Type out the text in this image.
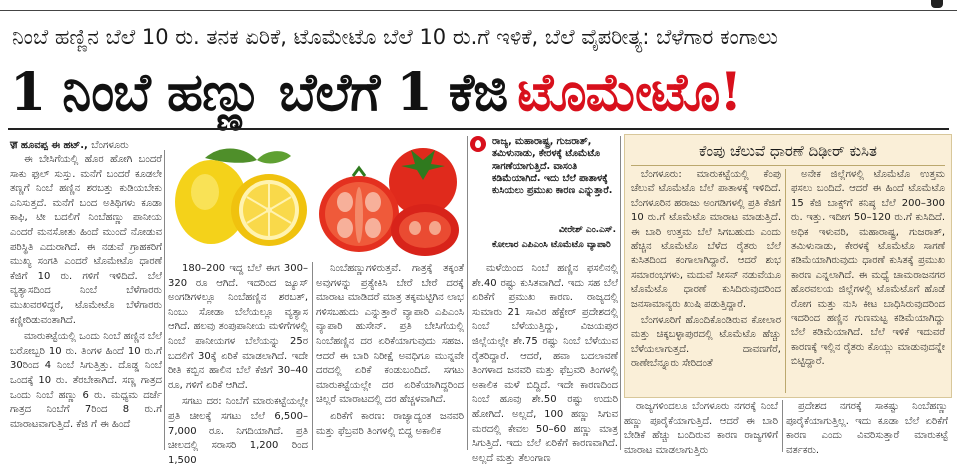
ನಿಂಬೆ ಹಣ್ಣಿನ ಬೆಲೆ 10 ರು. ತನಕ ಏರಿಕೆ, ಟೊಮೇಟೊ ಬೆಲೆ 10 ರು.ಗೆ ಇಳಿಕೆ, ಬೆಲೆ ವೈಪರೀತ್ಯ: ಬೆಳೆಗಾರ ಕಂಗಾಲು
1 ನಿಂಬೆ ಹಣ್ಣು ಬೆಲೆಗೆ 1 ಕೆಜಿ ಟೊಮೇಟೊ!
ॹ ಹೂವಪ್ಪ ಈ ಹಟ್., ಬೆಂಗಳೂರು

ಈ ಬೇಸಿಗೆಯಲ್ಲಿ ಹೊರ ಹೋಗಿ ಬಂದರೆ ಸಾಕು ಫುಲ್ ಸುಸ್ತು. ಮನೆಗೆ ಬಂದರೆ ಕೂಡಲೇ ತಣ್ಣಗೆ ನಿಂಬೆ ಹಣ್ಣಿನ ಶರಬತ್ತು ಕುಡಿಯಬೇಕು ಎನಿಸುತ್ತದೆ. ಮನೆಗೆ ಬಂದ ಅತಿಥಿಗಳು ಕೂಡಾ ಕಾಫಿ, ಟೀ ಬದಲಿಗೆ ನಿಂಬೆಹಣ್ಣು ಪಾನೀಯ ಎಂದರೆ ಮನಸೋತು ಹಿಂದೆ ಮುಂದೆ ನೋಡುವ ಪರಿಸ್ಥಿತಿ ಎದುರಾಗಿದೆ. ಈ ನಡುವೆ ಗ್ರಾಹಕರಿಗೆ ಮುಖ್ಯ ಸಂಗತಿ ಎಂದರೆ ಟೊಮೇಟೊ ಧಾರಣೆ ಕೆಜಿಗೆ 10 ರು. ಗಳಿಗೆ ಇಳಿದಿದೆ. ಬೆಲೆ ವ್ಯತ್ಯಾಸದಿಂದ ನಿಂಬೆ ಬೆಳೆಗಾರರು ಮುಖವರಳಿದ್ದರೆ, ಟೊಮೇಟೊ ಬೆಳೆಗಾರರು ಕಣ್ಣೀರಿಡುವಂತಾಗಿದೆ.

ಮಾರುಕಟ್ಟೆಯಲ್ಲಿ ಒಂದು ನಿಂಬೆ ಹಣ್ಣಿನ ಬೆಲೆ ಬರೋಬ್ಬರಿ 10 ರು. ತಿಂಗಳ ಹಿಂದೆ 10 ರು.ಗೆ 30ರಿಂದ 4 ನಿಂಬೆ ಸಿಗುತ್ತಿತ್ತು. ದೊಡ್ಡ ನಿಂಬೆ ಒಂದಕ್ಕೆ 10 ರು. ತೆರಬೇಕಾಗಿದೆ. ಸಣ್ಣ ಗಾತ್ರದ ಒಂದು ನಿಂಬೆ ಹಣ್ಣು 6 ರು. ಮಧ್ಯಮ ದರ್ಜೆ ಗಾತ್ರದ ನಿಂಬೆಗೆ 7ರಿಂದ 8 ರು.ಗೆ ಮಾರಾಟವಾಗುತ್ತಿದೆ. ಕೆಜಿ ಗೆ ಈ ಹಿಂದೆ

180–200 ಇದ್ದ ಬೆಲೆ ಈಗ 300–320 ರೂ ಆಗಿದೆ. ಇದರಿಂದ ಜ್ಯೂಸ್ ಅಂಗಡಿಗಳಲ್ಲೂ ನಿಂಬೆಹಣ್ಣಿನ ಶರಬತ್, ನಿಂಬು ಸೋಡಾ ಬೆಲೆಯಲ್ಲೂ ವ್ಯತ್ಯಾಸ ಆಗಿದೆ. ಹಲವು ತಂಪುಪಾನೀಯ ಮಳಿಗೆಗಳಲ್ಲಿ ನಿಂಬೆ ಪಾನೀಯಗಳ ಬೆಲೆಯನ್ನು 25ರ ಬದಲಿಗೆ 30ಕ್ಕೆ ಏರಿಕೆ ಮಾಡಲಾಗಿದೆ. ಇದೇ ರೀತಿ ಕಬ್ಬಿನ ಹಾಲಿನ ಬೆಲೆ ಕೆಜಿಗೆ 30–40 ರೂ, ಗಳಿಗೆ ಏರಿಕೆ ಆಗಿದೆ.

ಸಗಟು ದರ: ನಿಂಬೆಗೆ ಮಾರುಕಟ್ಟೆಯಲ್ಲೇ ಪ್ರತಿ ಚೀಲಕ್ಕೆ ಸಗಟು ಬೆಲೆ 6,500–7,000 ರೂ. ನಿಗದಿಯಾಗಿದೆ. ಪ್ರತಿ ಚೀಲದಲ್ಲಿ ಸರಾಸರಿ 1,200 ರಿಂದ 1,500

ನಿಂಬೆಹಣ್ಣುಗಳಿರುತ್ತವೆ. ಗಾತ್ರಕ್ಕೆ ತಕ್ಕಂತೆ ಅವುಗಳನ್ನು ಪ್ರತ್ಯೇಕಿಸಿ ಬೇರೆ ಬೇರೆ ದರಕ್ಕೆ ಮಾರಾಟ ಮಾಡಿದರೆ ಮಾತ್ರ ತಕ್ಕಮಟ್ಟಿಗಿನ ಲಾಭ ಗಳಿಸಬಹುದು ಎನ್ನುತ್ತಾರೆ ವ್ಯಾಪಾರಿ ಎಪಿಎಂಸಿ ವ್ಯಾಪಾರಿ ಹುಸೇನ್. ಪ್ರತಿ ಬೇಸಿಗೆಯಲ್ಲಿ ನಿಂಬೆಹಣ್ಣಿನ ದರ ಏರಿಕೆಯಾಗುವುದು ಸಹಜ. ಆದರೆ ಈ ಬಾರಿ ನಿರೀಕ್ಷೆ ಅವಧಿಗೂ ಮುನ್ನವೇ ದರದಲ್ಲಿ ಏರಿಕೆ ಕಂಡುಬಂದಿದೆ. ಸಗಟು ಮಾರುಕಟ್ಟೆಯಲ್ಲೇ ದರ ಏರಿಕೆಯಾಗಿದ್ದರಿಂದ ಚಿಲ್ಲರೆ ಮಾರಾಟದಲ್ಲಿ ದರ ಹೆಚ್ಚಳವಾಗಿದೆ.

ಏರಿಕೆಗೆ ಕಾರಣ: ರಾಜ್ಯಾದ್ಯಂತ ಜನವರಿ ಮತ್ತು ಫೆಬ್ರವರಿ ತಿಂಗಳಲ್ಲಿ ಬಿದ್ದ ಅಕಾಲಿಕ

ರಾಜ್ಯ, ಮಹಾರಾಷ್ಟ್ರ, ಗುಜರಾತ್, ತಮಿಳುನಾಡು, ಕೇರಳಕ್ಕೆ ಟೊಮೆಟೊ ಸಾಗಣೆಯಾಗುತ್ತಿದೆ. ವಾಸಂತಿ ಕಡಿಮೆಯಾಗಿದೆ. ಇದು ಬೆಲೆ ಪಾತಾಳಕ್ಕೆ ಕುಸಿಯಲು ಪ್ರಮುಖ ಕಾರಣ ಎನ್ನುತ್ತಾರೆ.
ವೀರೇಶ್ ಎಂ.ಎಸ್.
ಕೋಲಾರ ಎಪಿಎಂಸಿ ಟೊಮೆಟೊ ವ್ಯಾಪಾರಿ

ಮಳೆಯಿಂದ ನಿಂಬೆ ಹಣ್ಣಿನ ಫಸಲಿನಲ್ಲಿ ಶೇ.40 ರಷ್ಟು ಕುಸಿತವಾಗಿದೆ. ಇದು ಸಹ ಬೆಲೆ ಏರಿಕೆಗೆ ಪ್ರಮುಖ ಕಾರಣ. ರಾಜ್ಯದಲ್ಲಿ ಸುಮಾರು 21 ಸಾವಿರ ಹೆಕ್ಟೇರ್ ಪ್ರದೇಶದಲ್ಲಿ ನಿಂಬೆ ಬೆಳೆಯುತ್ತಿದ್ದು, ವಿಜಯಪುರ ಜಿಲ್ಲೆಯಲ್ಲೇ ಶೇ.75 ರಷ್ಟು ನಿಂಬೆ ಬೆಳೆಯುವ ರೈತರಿದ್ದಾರೆ. ಆದರೆ, ಹವಾ ಬದಲಾವಣೆ ತಿಂಗಳಾದ ಜನವರಿ ಮತ್ತು ಫೆಬ್ರವರಿ ತಿಂಗಳಲ್ಲಿ ಅಕಾಲಿಕ ಮಳೆ ಬಿದ್ದಿದೆ. ಇದೇ ಕಾರಣದಿಂದ ನಿಂಬೆ ಹೂವು ಶೇ.50 ರಷ್ಟು ಉದುರಿ ಹೋಗಿದೆ. ಅಲ್ಲದೆ, 100 ಹಣ್ಣು ಸಿಗುವ ಮರದಲ್ಲಿ ಕೇವಲ 50–60 ಹಣ್ಣು ಮಾತ್ರ ಸಿಗುತ್ತಿದೆ. ಇದು ಬೆಲೆ ಏರಿಕೆಗೆ ಕಾರಣವಾಗಿದೆ. ಅಲ್ಲದೆ ಮತ್ತು ತೆಲಂಗಾಣ

ಕೆಂಪು ಚೆಲುವೆ ಧಾರಣೆ ದಿಢೀರ್ ಕುಸಿತ

ಬೆಂಗಳೂರು: ಮಾರುಕಟ್ಟೆಯಲ್ಲಿ ಕೆಂಪು ಚೆಲುವೆ ಟೊಮೆಟೊ ಬೆಲೆ ಪಾತಾಳಕ್ಕೆ ಇಳಿದಿದೆ. ಬೆಂಗಳೂರಿನ ಹರಾಜು ಅಂಗಡಿಗಳಲ್ಲಿ ಪ್ರತಿ ಕೆಜಿಗೆ 10 ರು.ಗೆ ಟೊಮೆಟೊ ಮಾರಾಟ ಮಾಡುತ್ತಿದೆ. ಈ ಬಾರಿ ಉತ್ತಮ ಬೆಲೆ ಸಿಗಬಹುದು ಎಂದು ಹೆಚ್ಚಿನ ಟೊಮೆಟೊ ಬೆಳೆದ ರೈತರು ಬೆಲೆ ಕುಸಿತದಿಂದ ಕಂಗಾಲಾಗಿದ್ದಾರೆ. ಆದರೆ ಶುಭ ಸಮಾರಂಭಗಳು, ಮದುವೆ ಸೀಸನ್ ನಡುವೆಯೂ ಟೊಮೆಟೊ ಧಾರಣೆ ಕುಸಿದಿರುವುದರಿಂದ ಜನಸಾಮಾನ್ಯರು ಖುಷಿ ಪಡುತ್ತಿದ್ದಾರೆ.

ಬೆಂಗಳೂರಿಗೆ ಹೊಂದಿಕೊಂಡಿರುವ ಕೋಲಾರ ಮತ್ತು ಚಿಕ್ಕಬಳ್ಳಾಪುರದಲ್ಲಿ ಟೊಮೆಟೊ ಹೆಚ್ಚು ಬೆಳೆಯಲಾಗುತ್ತದೆ. ದಾವಣಗೆರೆ, ರಾಣೇಬೆನ್ನೂರು ಸೇರಿದಂತೆ

ಅನೇಕ ಜಿಲ್ಲೆಗಳಲ್ಲಿ ಟೊಮೆಟೊ ಉತ್ತಮ ಫಸಲು ಬಂದಿದೆ. ಆದರೆ ಈ ಹಿಂದೆ ಟೊಮೆಟೊ 15 ಕೆಜಿ ಬಾಕ್ಸ್‌ಗೆ ಕನಿಷ್ಠ ಬೆಲೆ 200–300 ರು. ಇತ್ತು. ಇದೀಗ 50–120 ರು.ಗೆ ಕುಸಿದಿದೆ. ಅಧಿಕ ಇಳುವರಿ, ಮಹಾರಾಷ್ಟ್ರ, ಗುಜರಾತ್, ತಮಿಳುನಾಡು, ಕೇರಳಕ್ಕೆ ಟೊಮೆಟೊ ಸಾಗಣೆ ಕಡಿಮೆಯಾಗಿರುವುದು ಧಾರಣೆ ಕುಸಿತಕ್ಕೆ ಪ್ರಮುಖ ಕಾರಣ ಎನ್ನಲಾಗಿದೆ. ಈ ಮಧ್ಯೆ ಚಾಮರಾಜನಗರ ಹೊರವಲಯ ಜಿಲ್ಲೆಗಳಲ್ಲಿ ಟೊಮೆಟೊಗೆ ಹೊಡೆ ರೋಗ ಮತ್ತು ನುಸಿ ಕೀಟ ಬಾಧಿಸಿರುವುದರಿಂದ ಇದರಿಂದ ಹಣ್ಣಿನ ಗುಣಮಟ್ಟ ಕಡಿಮೆಯಾಗಿದ್ದು ಬೆಲೆ ಕಡಿಮೆಯಾಗಿದೆ. ಬೆಲೆ ಇಳಿಕೆ ಇದುವರೆ ಕಾರಣಕ್ಕೆ ಇಲ್ಲಿನ ರೈತರು ಕೊಯ್ಲು ಮಾಡುವುದನ್ನೇ ಬಿಟ್ಟಿದ್ದಾರೆ.

ರಾಜ್ಯಗಳಿಂದಲೂ ಬೆಂಗಳೂರು ನಗರಕ್ಕೆ ನಿಂಬೆ ಹಣ್ಣು ಪೂರೈಕೆಯಾಗುತ್ತಿದೆ. ಆದರೆ ಈ ಬಾರಿ ಬೇಡಿಕೆ ಹೆಚ್ಚು ಬಂದಿರುವ ಕಾರಣ ರಾಜ್ಯಗಳಿಗೆ ಮಾರಾಟ ಮಾಡಲಾಗುತ್ತಿರು

ಪ್ರದೇಶದ ನಗರಕ್ಕೆ ಸಾಕಷ್ಟು ನಿಂಬೆಹಣ್ಣು ಪೂರೈಕೆಯಾಗುತ್ತಿಲ್ಲ. ಇದು ಕೂಡಾ ಬೆಲೆ ಏರಿಕೆಗೆ ಕಾರಣ ಎಂದು ವಿವರಿಸುತ್ತಾರೆ ಮಾರುಕಟ್ಟೆ ವರ್ತಕರು.
